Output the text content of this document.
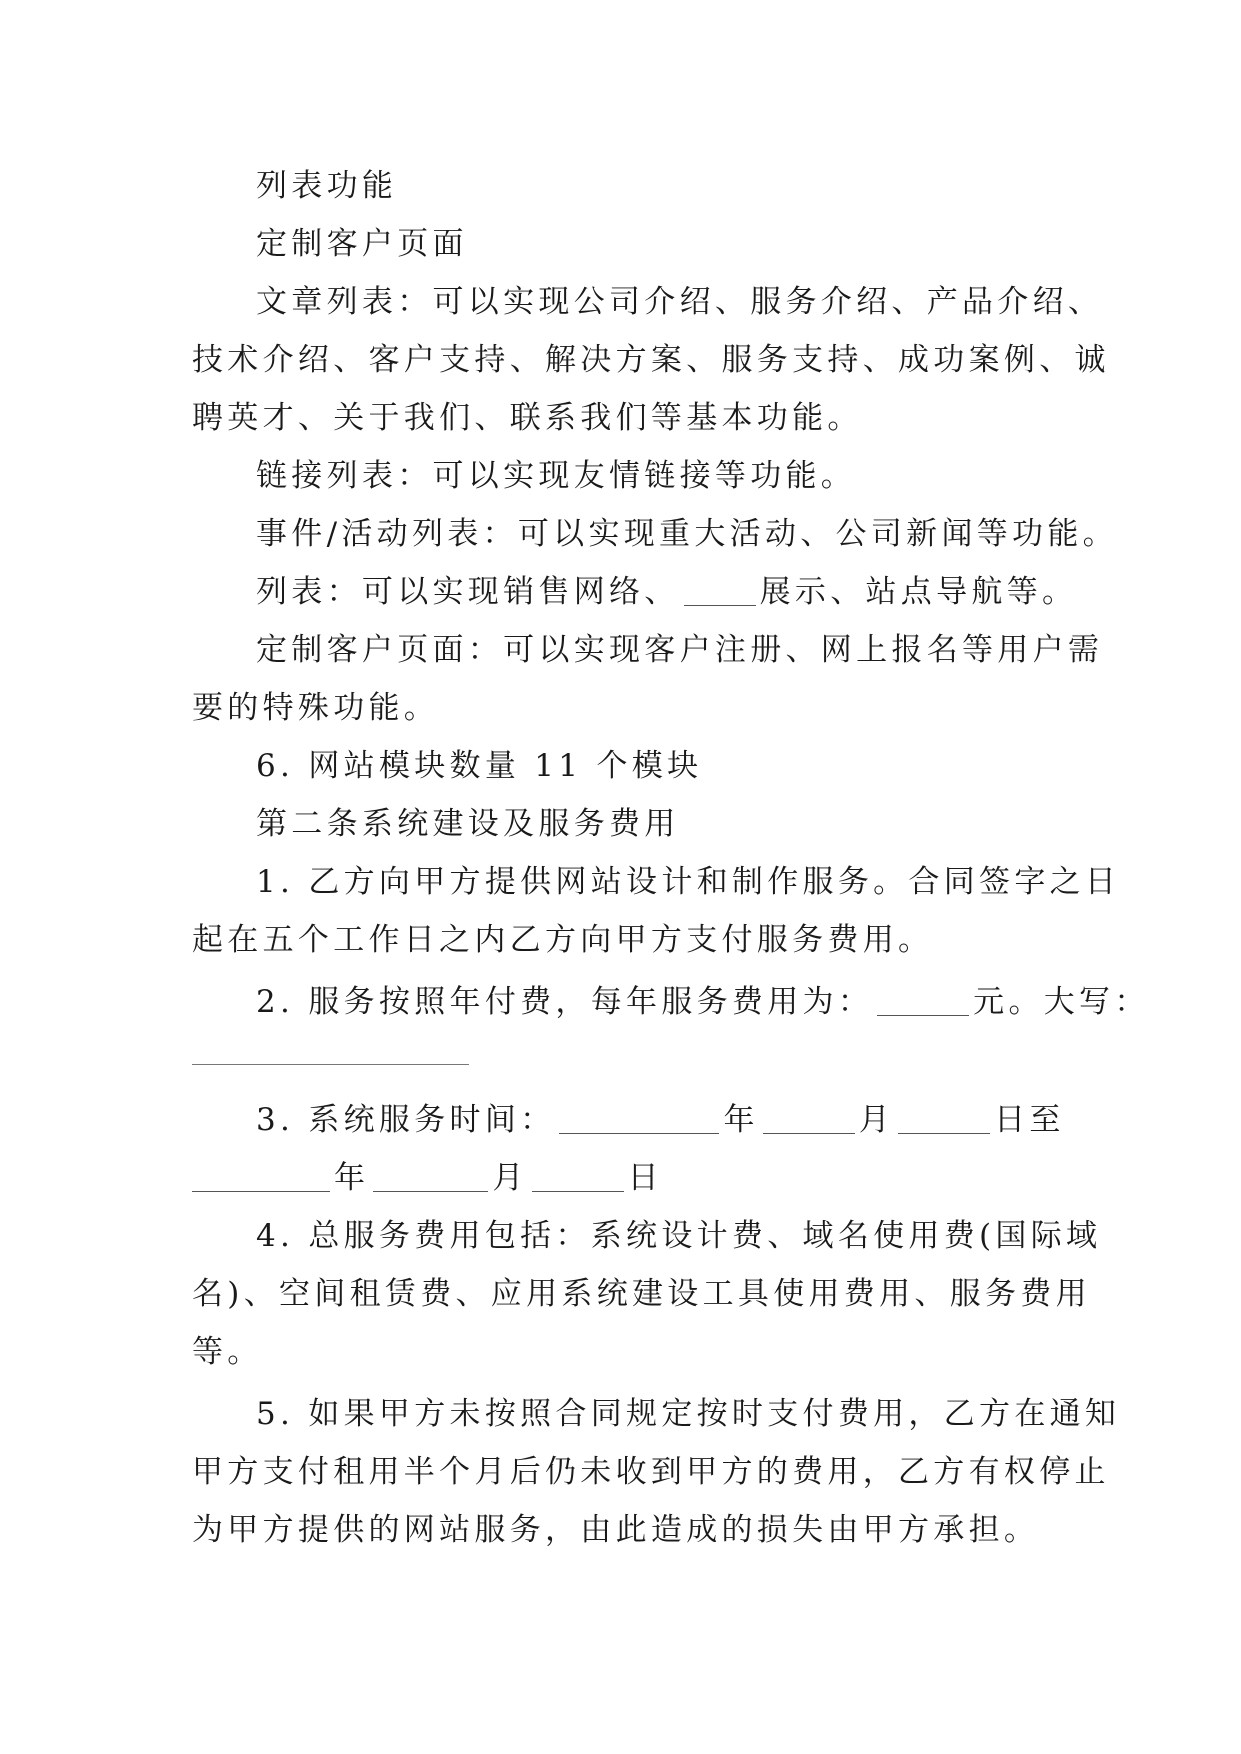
列表功能
定制客户页面
文章列表：可以实现公司介绍、服务介绍、产品介绍、
技术介绍、客户支持、解决方案、服务支持、成功案例、诚
聘英才、关于我们、联系我们等基本功能。
链接列表：可以实现友情链接等功能。
事件/活动列表：可以实现重大活动、公司新闻等功能。
列表：可以实现销售网络、	展示、站点导航等。
定制客户页面：可以实现客户注册、网上报名等用户需
要的特殊功能。
6. 网站模块数量 11 个模块
第二条系统建设及服务费用
1. 乙方向甲方提供网站设计和制作服务。合同签字之日
起在五个工作日之内乙方向甲方支付服务费用。
2. 服务按照年付费，每年服务费用为：	元。大写：
3. 系统服务时间：	年	月	日至
年	月	日
4. 总服务费用包括：系统设计费、域名使用费(国际域
名)、空间租赁费、应用系统建设工具使用费用、服务费用
等。
5. 如果甲方未按照合同规定按时支付费用，乙方在通知
甲方支付租用半个月后仍未收到甲方的费用，乙方有权停止
为甲方提供的网站服务，由此造成的损失由甲方承担。
